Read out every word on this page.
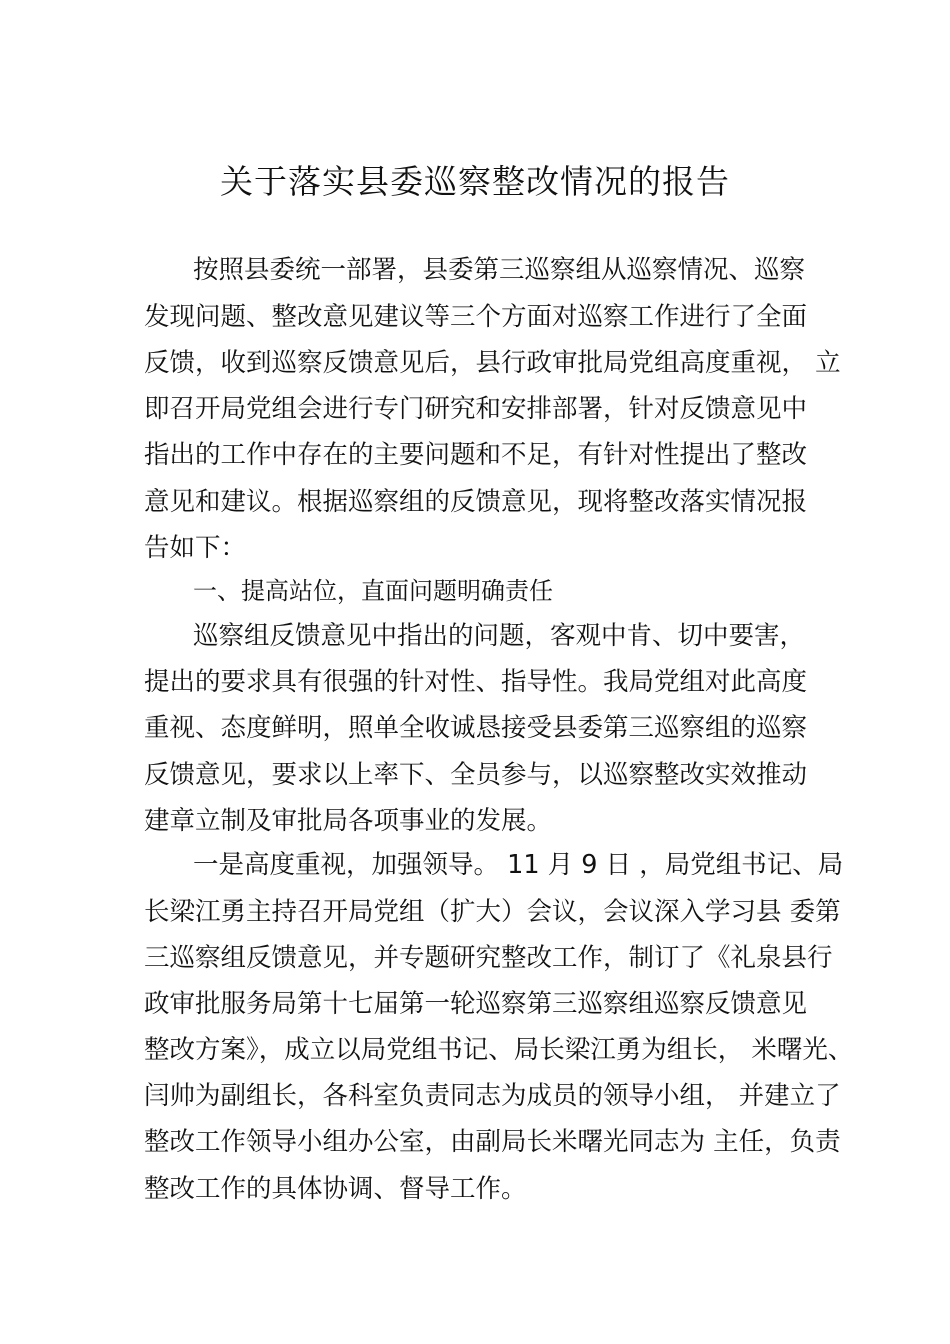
关于落实县委巡察整改情况的报告
按照县委统一部署，县委第三巡察组从巡察情况、巡察
发现问题、整改意见建议等三个方面对巡察工作进行了全面
反馈，收到巡察反馈意见后，县行政审批局党组高度重视， 立
即召开局党组会进行专门研究和安排部署，针对反馈意见中
指出的工作中存在的主要问题和不足，有针对性提出了整改
意见和建议。根据巡察组的反馈意见，现将整改落实情况报
告如下：
一、提高站位，直面问题明确责任
巡察组反馈意见中指出的问题，客观中肯、切中要害，
提出的要求具有很强的针对性、指导性。我局党组对此高度
重视、态度鲜明，照单全收诚恳接受县委第三巡察组的巡察
反馈意见，要求以上率下、全员参与，以巡察整改实效推动
建章立制及审批局各项事业的发展。
一是高度重视，加强领导。 11 月 9 日 ，局党组书记、局
长梁江勇主持召开局党组（扩大）会议，会议深入学习县 委第
三巡察组反馈意见，并专题研究整改工作，制订了《礼泉县行
政审批服务局第十七届第一轮巡察第三巡察组巡察反馈意见
整改方案》，成立以局党组书记、局长梁江勇为组长， 米曙光、
闫帅为副组长，各科室负责同志为成员的领导小组， 并建立了
整改工作领导小组办公室，由副局长米曙光同志为 主任，负责
整改工作的具体协调、督导工作。
